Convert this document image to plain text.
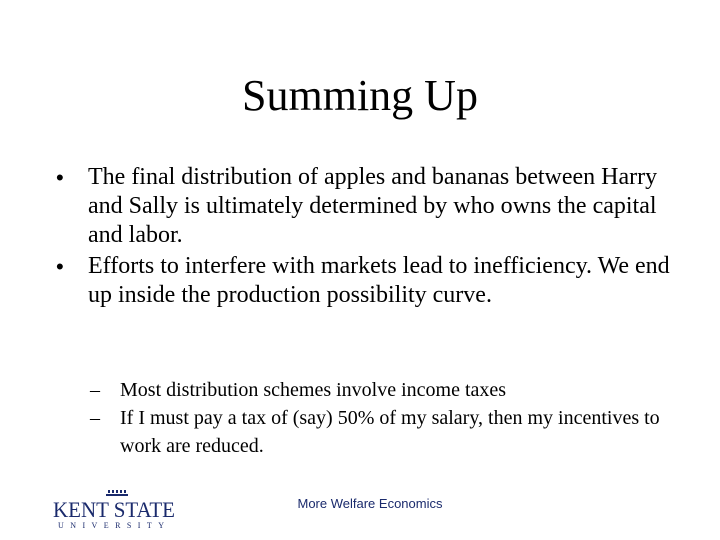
Summing Up
• The final distribution of apples and bananas between Harry and Sally is ultimately determined by who owns the capital and labor.
• Efforts to interfere with markets lead to inefficiency. We end up inside the production possibility curve.
– Most distribution schemes involve income taxes
– If I must pay a tax of (say) 50% of my salary, then my incentives to work are reduced.
KENT STATE
UNIVERSITY
More Welfare Economics
